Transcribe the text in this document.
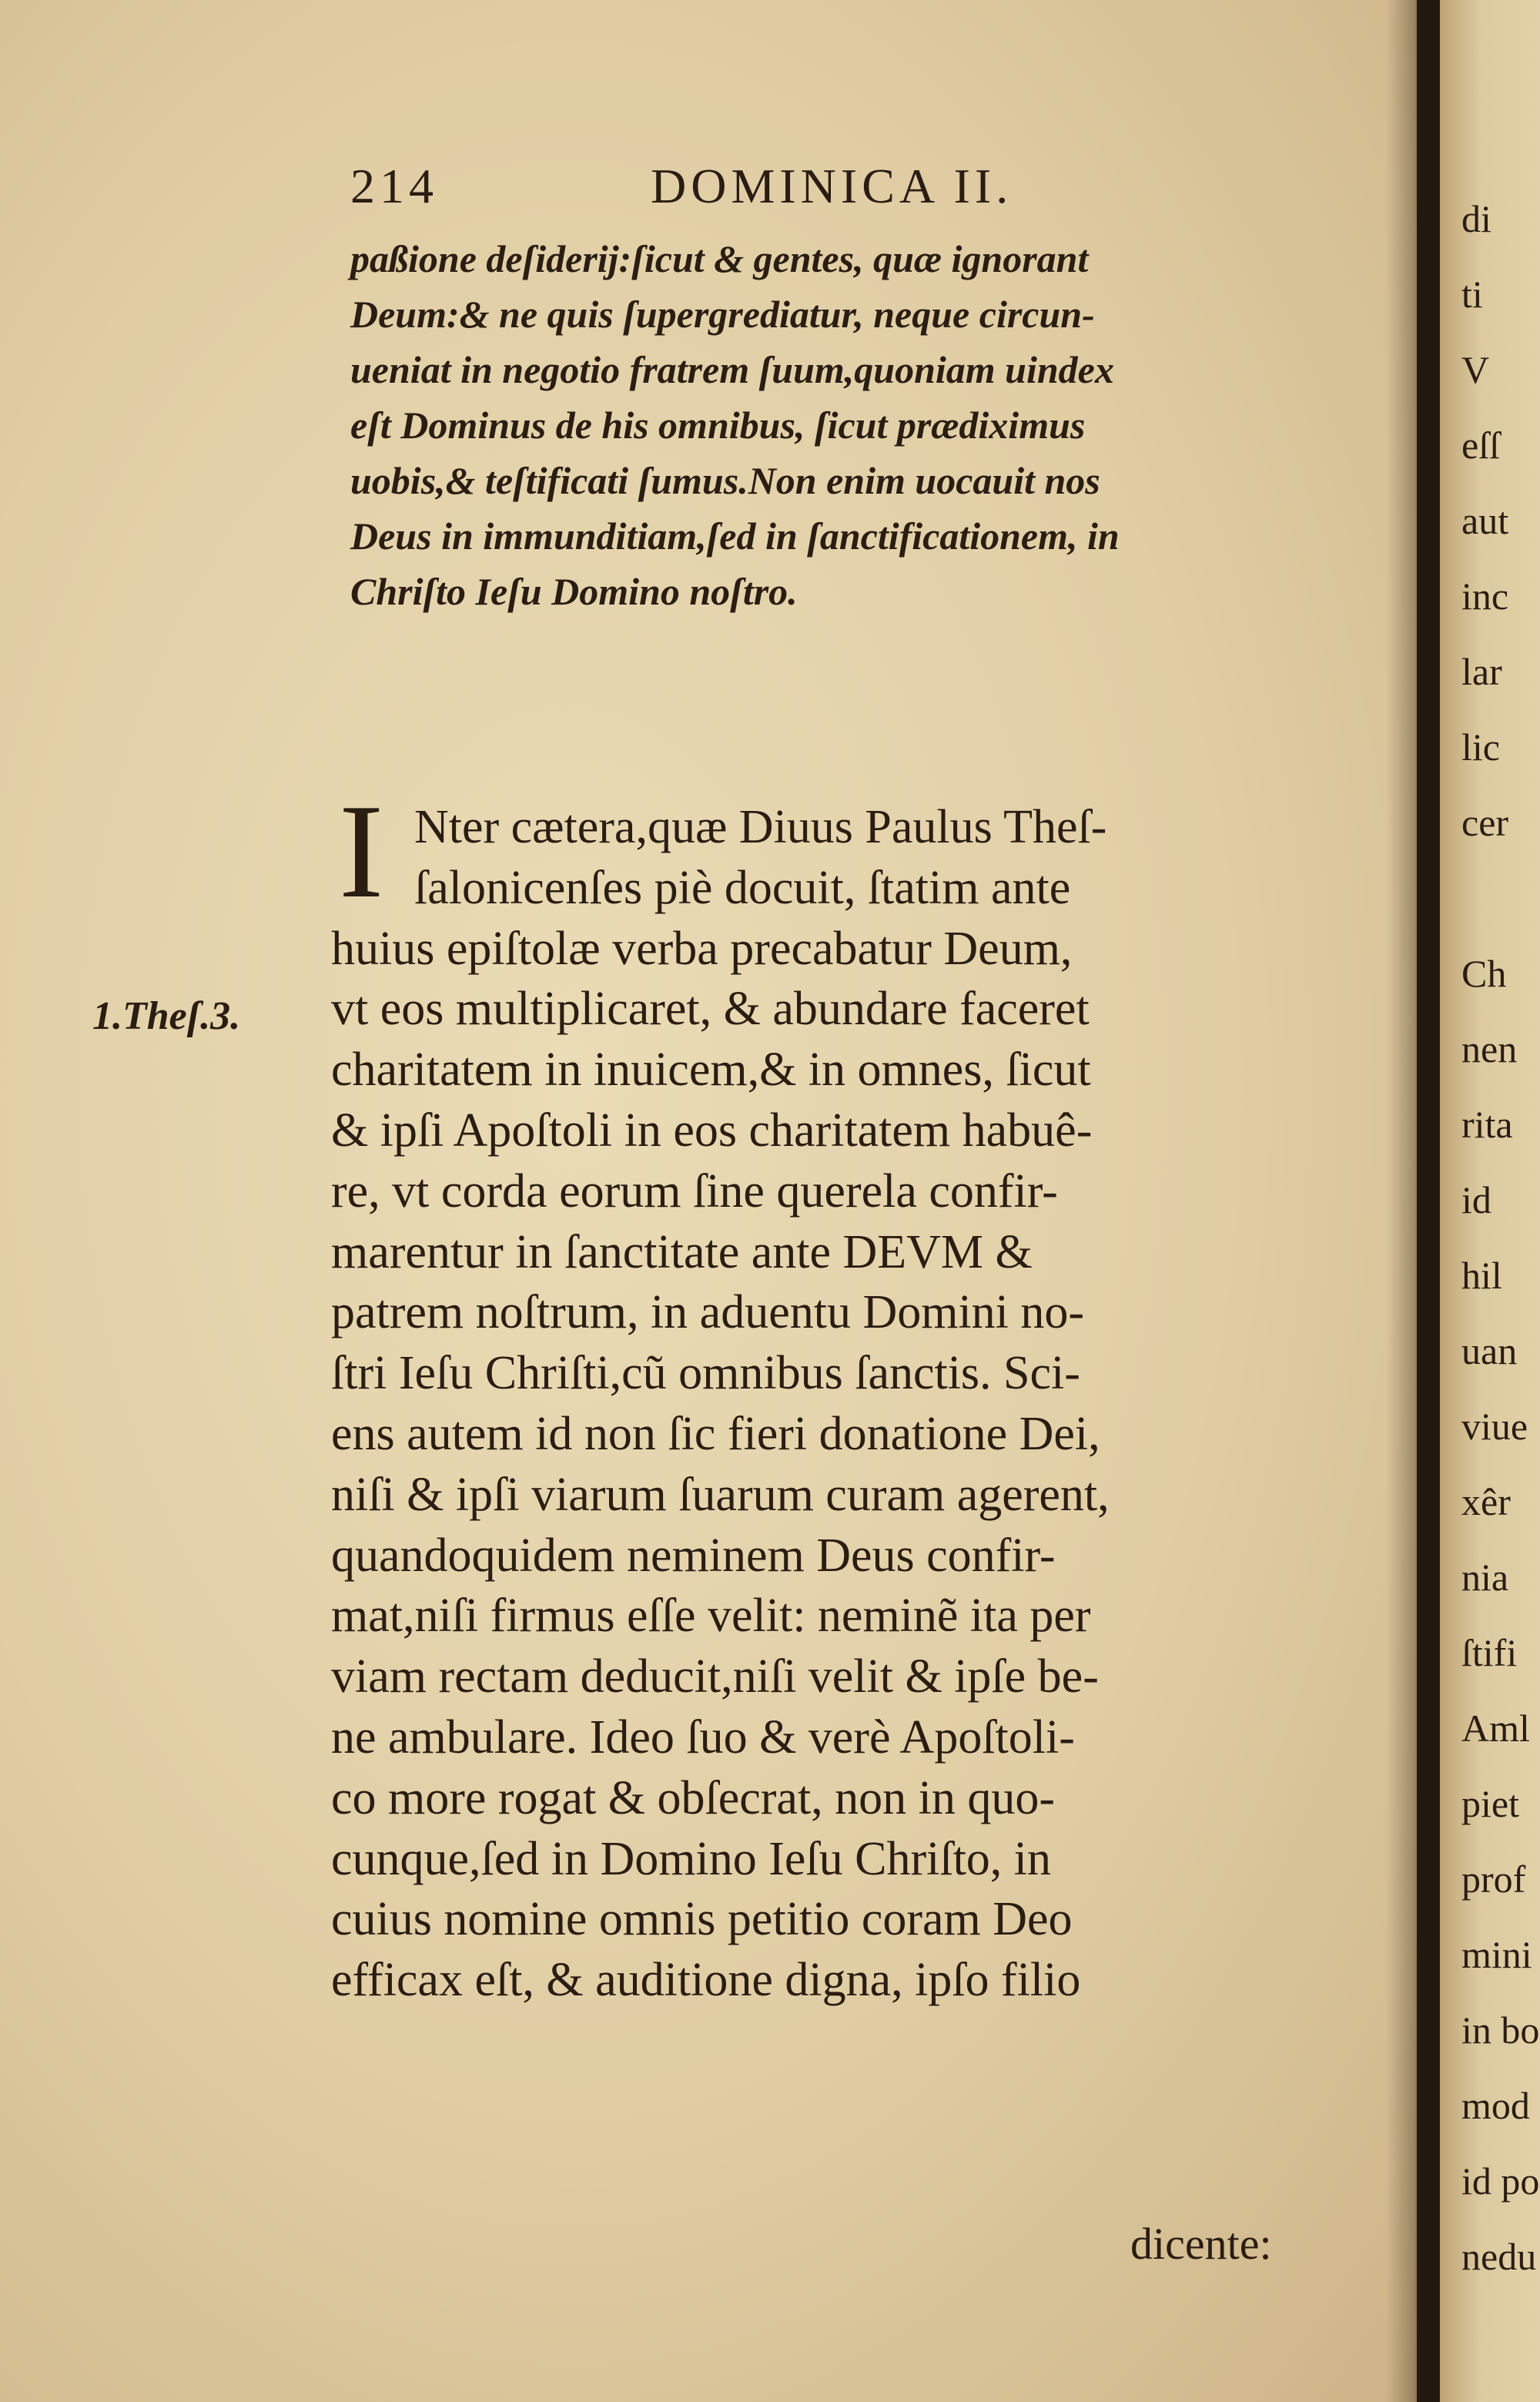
di
ti
V
eſſ
aut
inc
lar
lic
cer
Ch
nen
rita
id
hil
uan
viue
xêr
nia
ſtifi
Aml
piet
prof
mini
in bo
mod
id po
nedu
214	DOMINICA II.
paßione deſiderij:ſicut & gentes, quæ ignorant
Deum:& ne quis ſupergrediatur, neque circun-
ueniat in negotio fratrem ſuum,quoniam uindex
eſt Dominus de his omnibus, ſicut prædiximus
uobis,& teſtificati ſumus.Non enim uocauit nos
Deus in immunditiam,ſed in ſanctificationem, in
Chriſto Ieſu Domino noſtro.
I Nter cætera,quæ Diuus Paulus Theſ-
ſalonicenſes piè docuit, ſtatim ante
huius epiſtolæ verba precabatur Deum,
vt eos multiplicaret, & abundare faceret
charitatem in inuicem,& in omnes, ſicut
& ipſi Apoſtoli in eos charitatem habuê-
re, vt corda eorum ſine querela confir-
marentur in ſanctitate ante DEVM &
patrem noſtrum, in aduentu Domini no-
ſtri Ieſu Chriſti,cũ omnibus ſanctis. Sci-
ens autem id non ſic fieri donatione Dei,
niſi & ipſi viarum ſuarum curam agerent,
quandoquidem neminem Deus confir-
mat,niſi firmus eſſe velit: neminẽ ita per
viam rectam deducit,niſi velit & ipſe be-
ne ambulare. Ideo ſuo & verè Apoſtoli-
co more rogat & obſecrat, non in quo-
cunque,ſed in Domino Ieſu Chriſto, in
cuius nomine omnis petitio coram Deo
efficax eſt, & auditione digna, ipſo filio
dicente:
1.Theſ.3.
